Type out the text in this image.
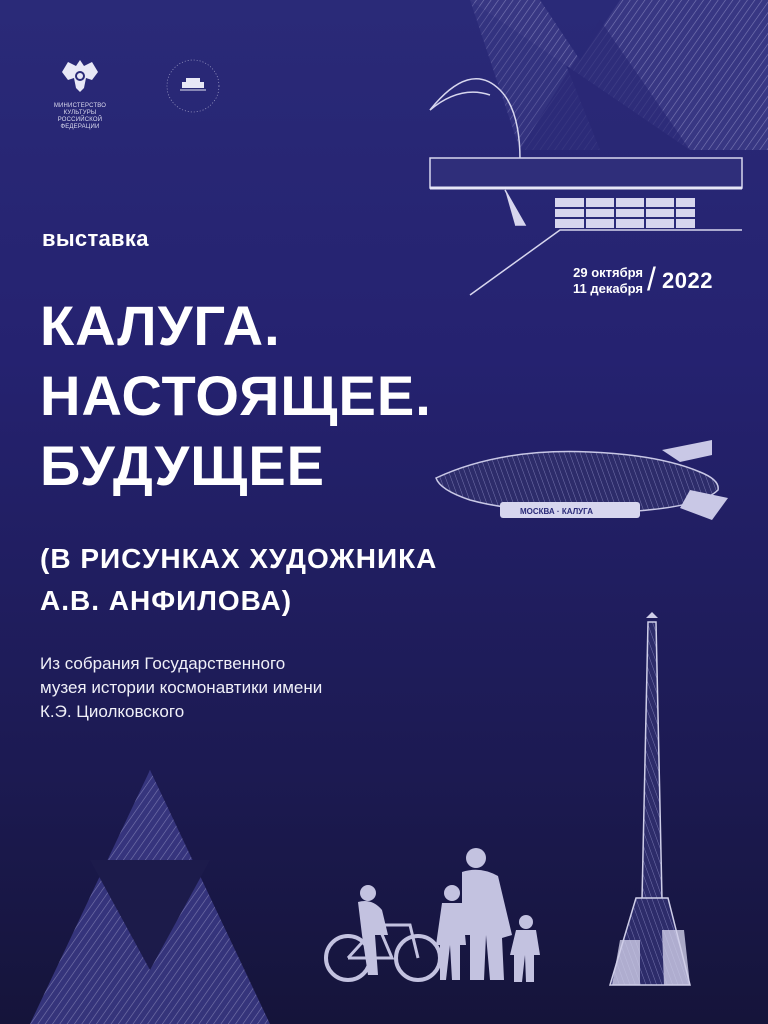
МОСКВА · КАЛУГА
МИНИСТЕРСТВО КУЛЬТУРЫ
РОССИЙСКОЙ ФЕДЕРАЦИИ
выставка
29 октября
11 декабря / 2022
КАЛУГА.
НАСТОЯЩЕЕ.
БУДУЩЕЕ
(В РИСУНКАХ ХУДОЖНИКА
А.В. АНФИЛОВА)
Из собрания Государственного
музея истории космонавтики имени
К.Э. Циолковского
